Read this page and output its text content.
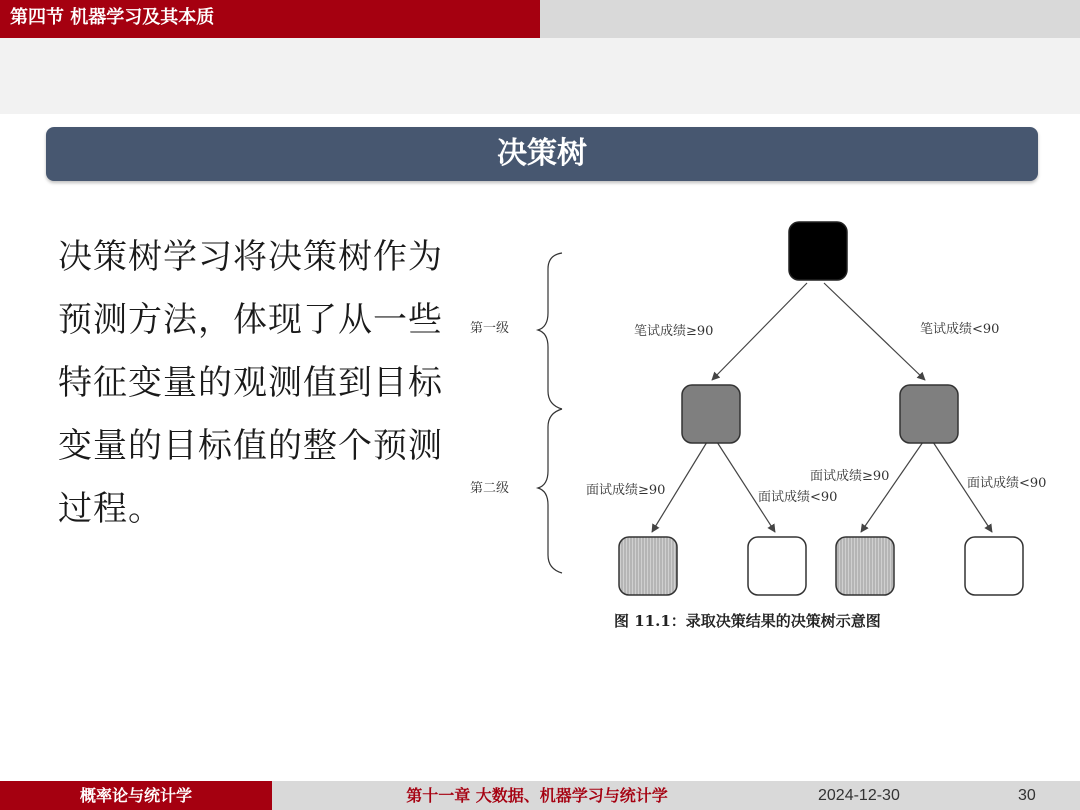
第四节 机器学习及其本质
决策树
决策树学习将决策树作为预测方法，体现了从一些特征变量的观测值到目标变量的目标值的整个预测过程。
第一级
第二级
笔试成绩≥90	笔试成绩<90
面试成绩≥90	面试成绩<90
面试成绩≥90	面试成绩<90
图 11.1：录取决策结果的决策树示意图
概率论与统计学	第十一章 大数据、机器学习与统计学	2024-12-30	30
